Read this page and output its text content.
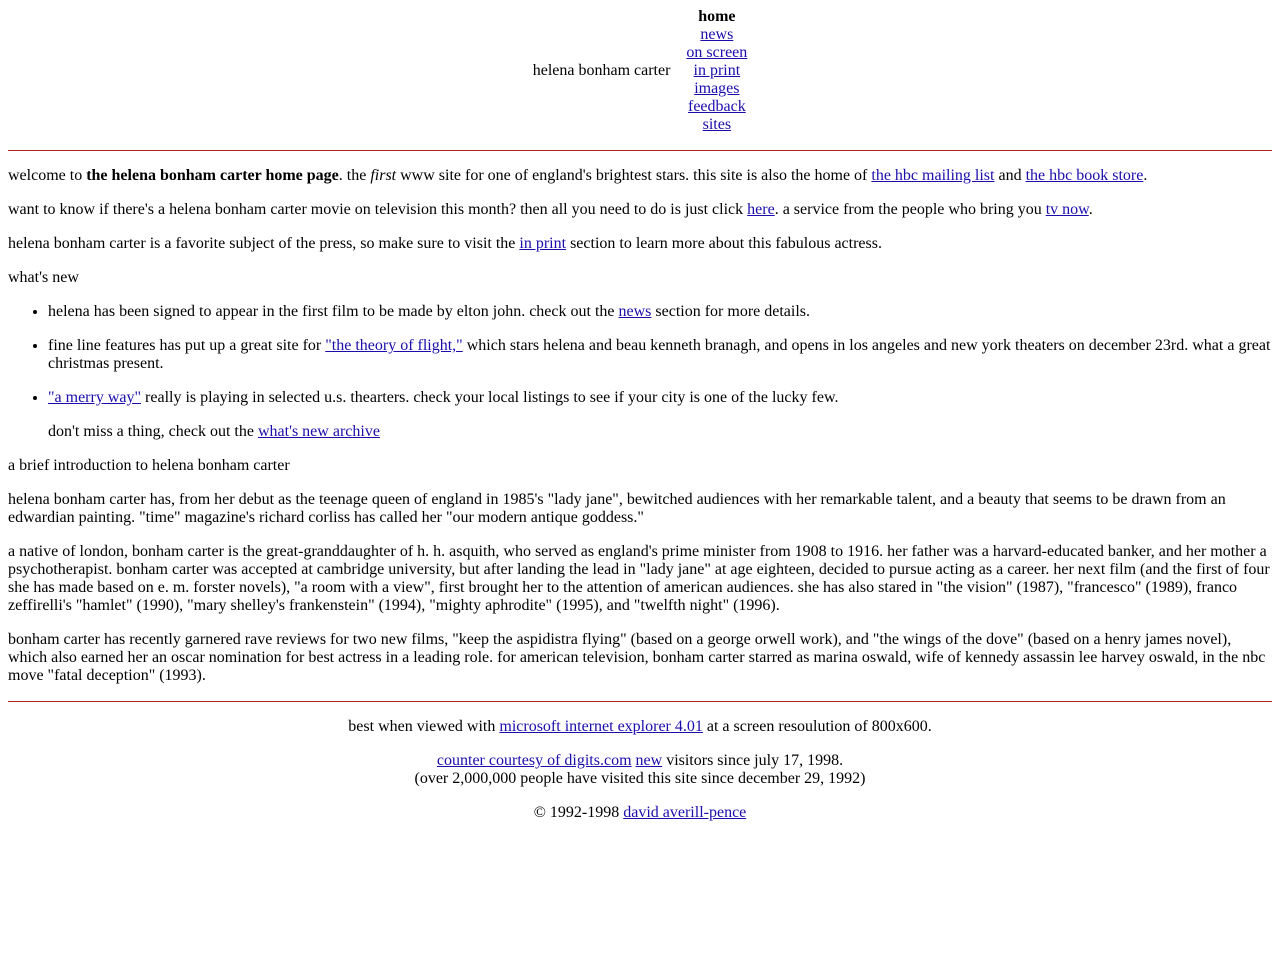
helena bonham carter
home
news
on screen
in print
images
feedback
sites

welcome to the helena bonham carter home page. the first www site for one of england's brightest stars. this site is also the home of the hbc mailing list and the hbc book store.

want to know if there's a helena bonham carter movie on television this month? then all you need to do is just click here. a service from the people who bring you tv now.

helena bonham carter is a favorite subject of the press, so make sure to visit the in print section to learn more about this fabulous actress.

what's new

• helena has been signed to appear in the first film to be made by elton john. check out the news section for more details.
• fine line features has put up a great site for "the theory of flight," which stars helena and beau kenneth branagh, and opens in los angeles and new york theaters on december 23rd. what a great christmas present.
• "a merry way" really is playing in selected u.s. thearters. check your local listings to see if your city is one of the lucky few.
don't miss a thing, check out the what's new archive

a brief introduction to helena bonham carter

helena bonham carter has, from her debut as the teenage queen of england in 1985's "lady jane", bewitched audiences with her remarkable talent, and a beauty that seems to be drawn from an edwardian painting. "time" magazine's richard corliss has called her "our modern antique goddess."

a native of london, bonham carter is the great-granddaughter of h. h. asquith, who served as england's prime minister from 1908 to 1916. her father was a harvard-educated banker, and her mother a psychotherapist. bonham carter was accepted at cambridge university, but after landing the lead in "lady jane" at age eighteen, decided to pursue acting as a career. her next film (and the first of four she has made based on e. m. forster novels), "a room with a view", first brought her to the attention of american audiences. she has also stared in "the vision" (1987), "francesco" (1989), franco zeffirelli's "hamlet" (1990), "mary shelley's frankenstein" (1994), "mighty aphrodite" (1995), and "twelfth night" (1996).

bonham carter has recently garnered rave reviews for two new films, "keep the aspidistra flying" (based on a george orwell work), and "the wings of the dove" (based on a henry james novel), which also earned her an oscar nomination for best actress in a leading role. for american television, bonham carter starred as marina oswald, wife of kennedy assassin lee harvey oswald, in the nbc move "fatal deception" (1993).

best when viewed with microsoft internet explorer 4.01 at a screen resoulution of 800x600.

counter courtesy of digits.com new visitors since july 17, 1998.
(over 2,000,000 people have visited this site since december 29, 1992)

© 1992-1998 david averill-pence
